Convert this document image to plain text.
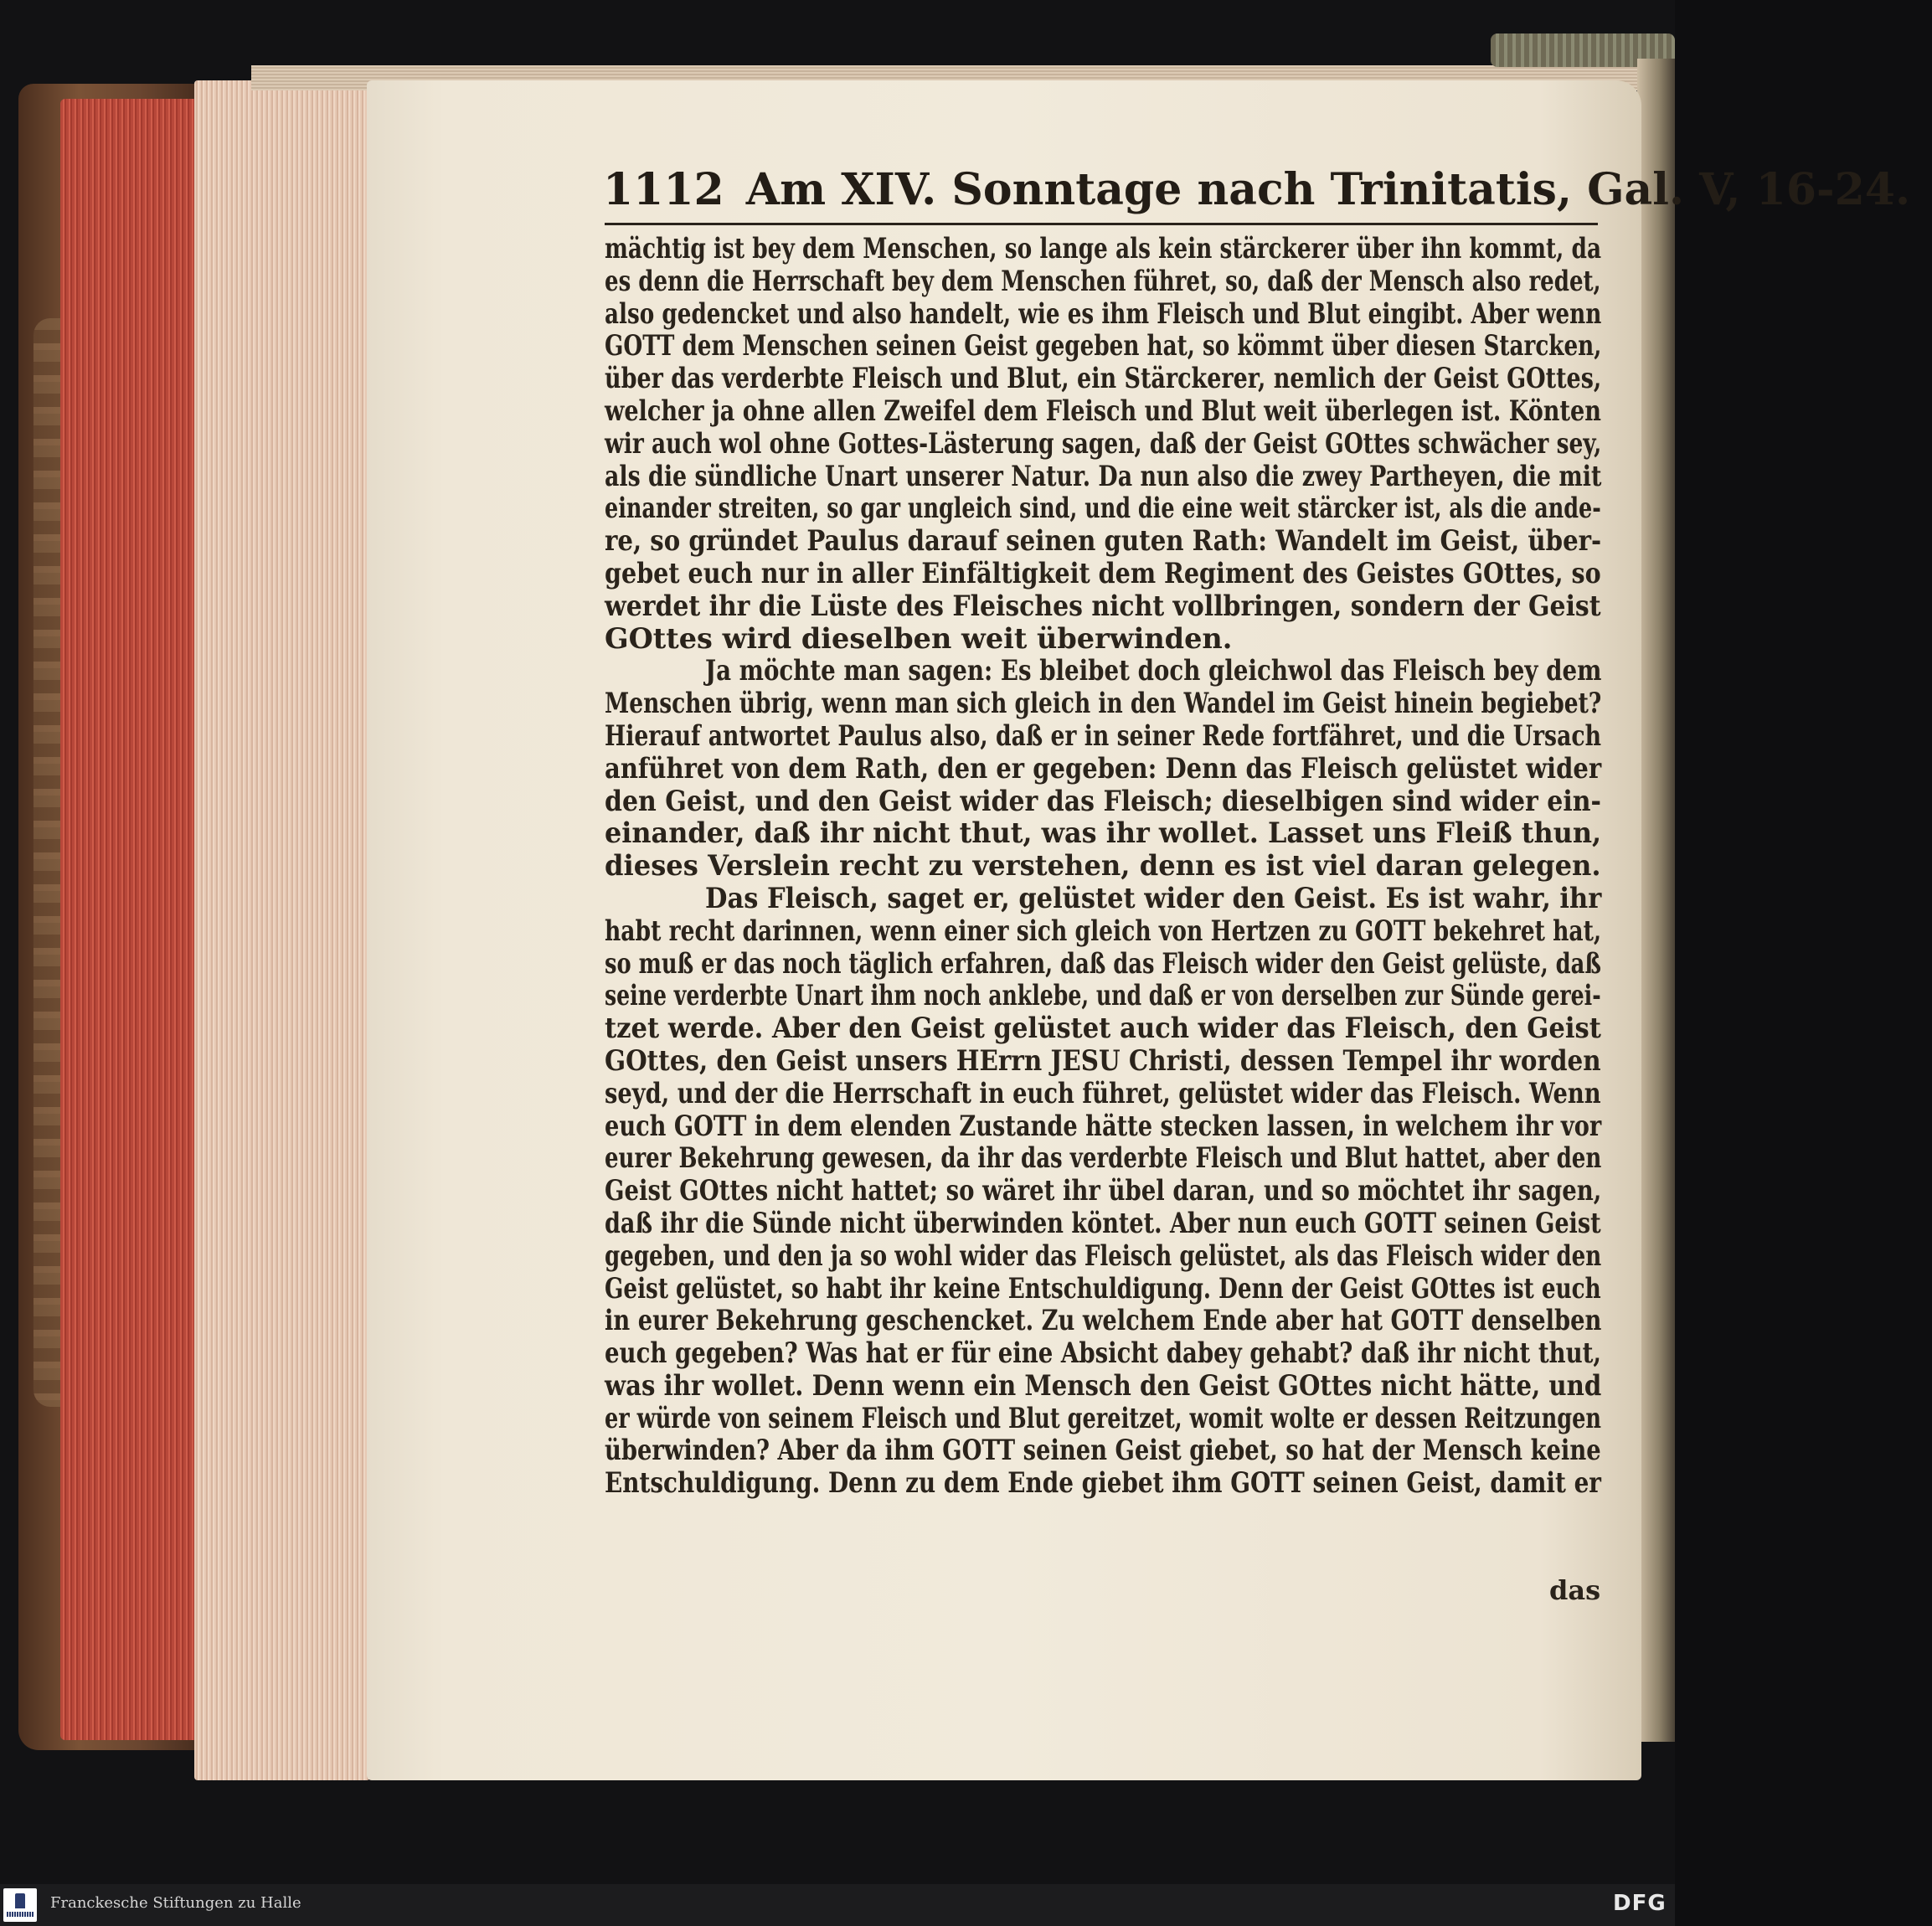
1112 Am XIV. Sonntage nach Trinitatis, Gal. V, 16-24.
mächtig ist bey dem Menschen, so lange als kein stärckerer über ihn kommt, da
es denn die Herrschaft bey dem Menschen führet, so, daß der Mensch also redet,
also gedencket und also handelt, wie es ihm Fleisch und Blut eingibt. Aber wenn
GOTT dem Menschen seinen Geist gegeben hat, so kömmt über diesen Starcken,
über das verderbte Fleisch und Blut, ein Stärckerer, nemlich der Geist GOttes,
welcher ja ohne allen Zweifel dem Fleisch und Blut weit überlegen ist. Könten
wir auch wol ohne Gottes-Lästerung sagen, daß der Geist GOttes schwächer sey,
als die sündliche Unart unserer Natur. Da nun also die zwey Partheyen, die mit
einander streiten, so gar ungleich sind, und die eine weit stärcker ist, als die ande-
re, so gründet Paulus darauf seinen guten Rath: Wandelt im Geist, über-
gebet euch nur in aller Einfältigkeit dem Regiment des Geistes GOttes, so
werdet ihr die Lüste des Fleisches nicht vollbringen, sondern der Geist
GOttes wird dieselben weit überwinden.
Ja möchte man sagen: Es bleibet doch gleichwol das Fleisch bey dem
Menschen übrig, wenn man sich gleich in den Wandel im Geist hinein begiebet?
Hierauf antwortet Paulus also, daß er in seiner Rede fortfähret, und die Ursach
anführet von dem Rath, den er gegeben: Denn das Fleisch gelüstet wider
den Geist, und den Geist wider das Fleisch; dieselbigen sind wider ein-
einander, daß ihr nicht thut, was ihr wollet. Lasset uns Fleiß thun,
dieses Verslein recht zu verstehen, denn es ist viel daran gelegen.
Das Fleisch, saget er, gelüstet wider den Geist. Es ist wahr, ihr
habt recht darinnen, wenn einer sich gleich von Hertzen zu GOTT bekehret hat,
so muß er das noch täglich erfahren, daß das Fleisch wider den Geist gelüste, daß
seine verderbte Unart ihm noch anklebe, und daß er von derselben zur Sünde gerei-
tzet werde. Aber den Geist gelüstet auch wider das Fleisch, den Geist
GOttes, den Geist unsers HErrn JESU Christi, dessen Tempel ihr worden
seyd, und der die Herrschaft in euch führet, gelüstet wider das Fleisch. Wenn
euch GOTT in dem elenden Zustande hätte stecken lassen, in welchem ihr vor
eurer Bekehrung gewesen, da ihr das verderbte Fleisch und Blut hattet, aber den
Geist GOttes nicht hattet; so wäret ihr übel daran, und so möchtet ihr sagen,
daß ihr die Sünde nicht überwinden köntet. Aber nun euch GOTT seinen Geist
gegeben, und den ja so wohl wider das Fleisch gelüstet, als das Fleisch wider den
Geist gelüstet, so habt ihr keine Entschuldigung. Denn der Geist GOttes ist euch
in eurer Bekehrung geschencket. Zu welchem Ende aber hat GOTT denselben
euch gegeben? Was hat er für eine Absicht dabey gehabt? daß ihr nicht thut,
was ihr wollet. Denn wenn ein Mensch den Geist GOttes nicht hätte, und
er würde von seinem Fleisch und Blut gereitzet, womit wolte er dessen Reitzungen
überwinden? Aber da ihm GOTT seinen Geist giebet, so hat der Mensch keine
Entschuldigung. Denn zu dem Ende giebet ihm GOTT seinen Geist, damit er
das
Franckesche Stiftungen zu Halle	DFG
